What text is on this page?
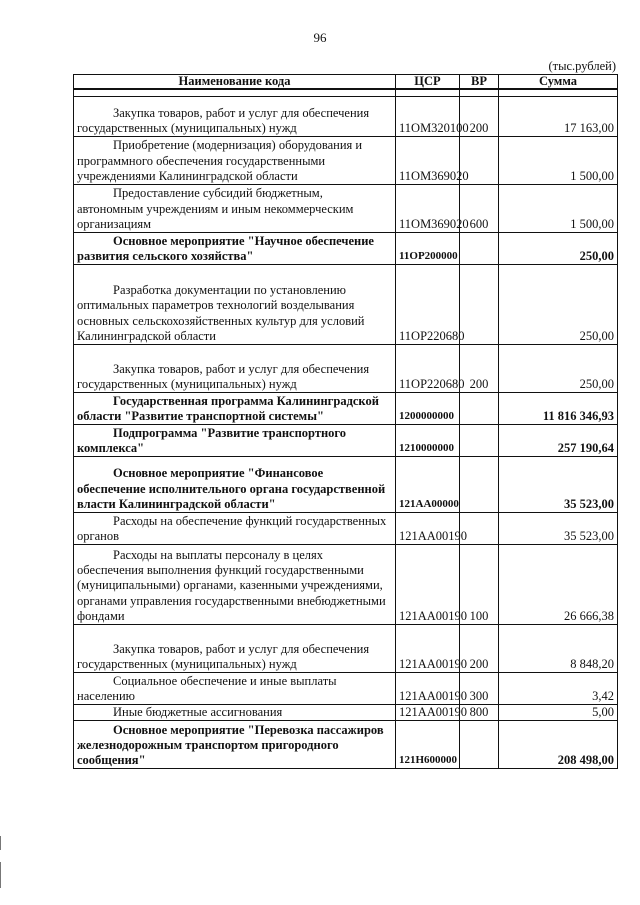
96
(тыс.рублей)
Наименование кода	ЦСР	ВР	Сумма

Закупка товаров, работ и услуг для обеспечения государственных (муниципальных) нужд	11ОМ320100	200	17 163,00

Приобретение (модернизация) оборудования и программного обеспечения государственными учреждениями Калининградской области	11ОМ369020		1 500,00

Предоставление субсидий бюджетным, автономным учреждениям и иным некоммерческим организациям	11ОМ369020	600	1 500,00

Основное мероприятие "Научное обеспечение развития сельского хозяйства"	11ОР200000		250,00

Разработка документации по установлению оптимальных параметров технологий возделывания основных сельскохозяйственных культур для условий Калининградской области	11ОР220680		250,00

Закупка товаров, работ и услуг для обеспечения государственных (муниципальных) нужд	11ОР220680	200	250,00

Государственная программа Калининградской области "Развитие транспортной системы"	1200000000		11 816 346,93

Подпрограмма "Развитие транспортного комплекса"	1210000000		257 190,64

Основное мероприятие "Финансовое обеспечение исполнительного органа государственной власти Калининградской области"	121АА00000		35 523,00

Расходы на обеспечение функций государственных органов	121АА00190		35 523,00

Расходы на выплаты персоналу в целях обеспечения выполнения функций государственными (муниципальными) органами, казенными учреждениями, органами управления государственными внебюджетными фондами	121АА00190	100	26 666,38

Закупка товаров, работ и услуг для обеспечения государственных (муниципальных) нужд	121АА00190	200	8 848,20

Социальное обеспечение и иные выплаты населению	121АА00190	300	3,42

Иные бюджетные ассигнования	121АА00190	800	5,00

Основное мероприятие "Перевозка пассажиров железнодорожным транспортом пригородного сообщения"	121Н600000		208 498,00
